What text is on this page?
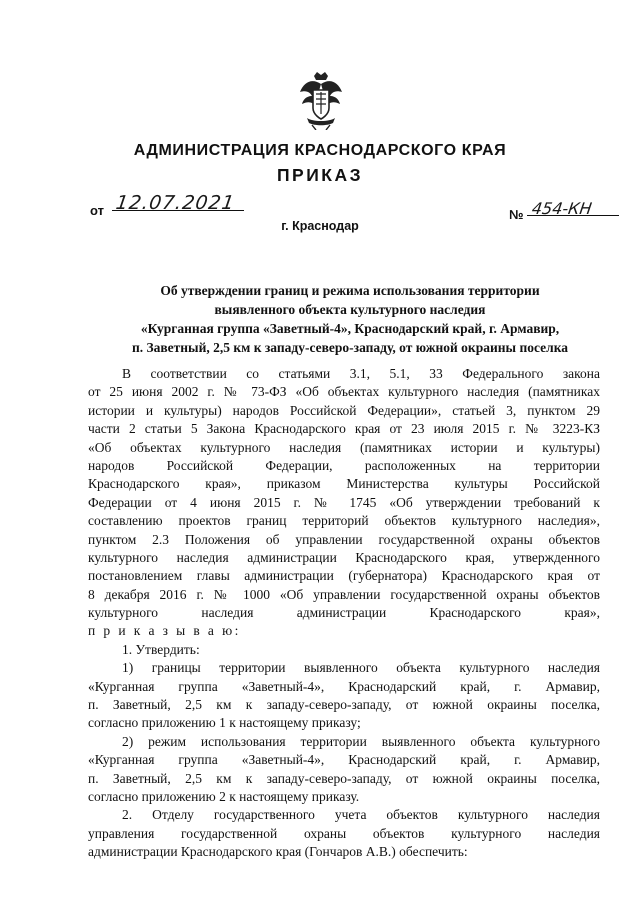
АДМИНИСТРАЦИЯ КРАСНОДАРСКОГО КРАЯ
ПРИКАЗ
от 12.07.2021
№ 454-КН
г. Краснодар
Об утверждении границ и режима использования территории
выявленного объекта культурного наследия
«Курганная группа «Заветный-4», Краснодарский край, г. Армавир,
п. Заветный, 2,5 км к западу-северо-западу, от южной окраины поселка
В соответствии со статьями 3.1, 5.1, 33 Федерального закона
от 25 июня 2002 г. № 73-ФЗ «Об объектах культурного наследия (памятниках
истории и культуры) народов Российской Федерации», статьей 3, пунктом 29
части 2 статьи 5 Закона Краснодарского края от 23 июля 2015 г. № 3223-КЗ
«Об объектах культурного наследия (памятниках истории и культуры)
народов Российской Федерации, расположенных на территории
Краснодарского края», приказом Министерства культуры Российской
Федерации от 4 июня 2015 г. № 1745 «Об утверждении требований к
составлению проектов границ территорий объектов культурного наследия»,
пунктом 2.3 Положения об управлении государственной охраны объектов
культурного наследия администрации Краснодарского края, утвержденного
постановлением главы администрации (губернатора) Краснодарского края от
8 декабря 2016 г. № 1000 «Об управлении государственной охраны объектов
культурного наследия администрации Краснодарского края»,
п р и к а з ы в а ю:
1. Утвердить:
1) границы территории выявленного объекта культурного наследия
«Курганная группа «Заветный-4», Краснодарский край, г. Армавир,
п. Заветный, 2,5 км к западу-северо-западу, от южной окраины поселка,
согласно приложению 1 к настоящему приказу;
2) режим использования территории выявленного объекта культурного
«Курганная группа «Заветный-4», Краснодарский край, г. Армавир,
п. Заветный, 2,5 км к западу-северо-западу, от южной окраины поселка,
согласно приложению 2 к настоящему приказу.
2. Отделу государственного учета объектов культурного наследия
управления государственной охраны объектов культурного наследия
администрации Краснодарского края (Гончаров А.В.) обеспечить:
